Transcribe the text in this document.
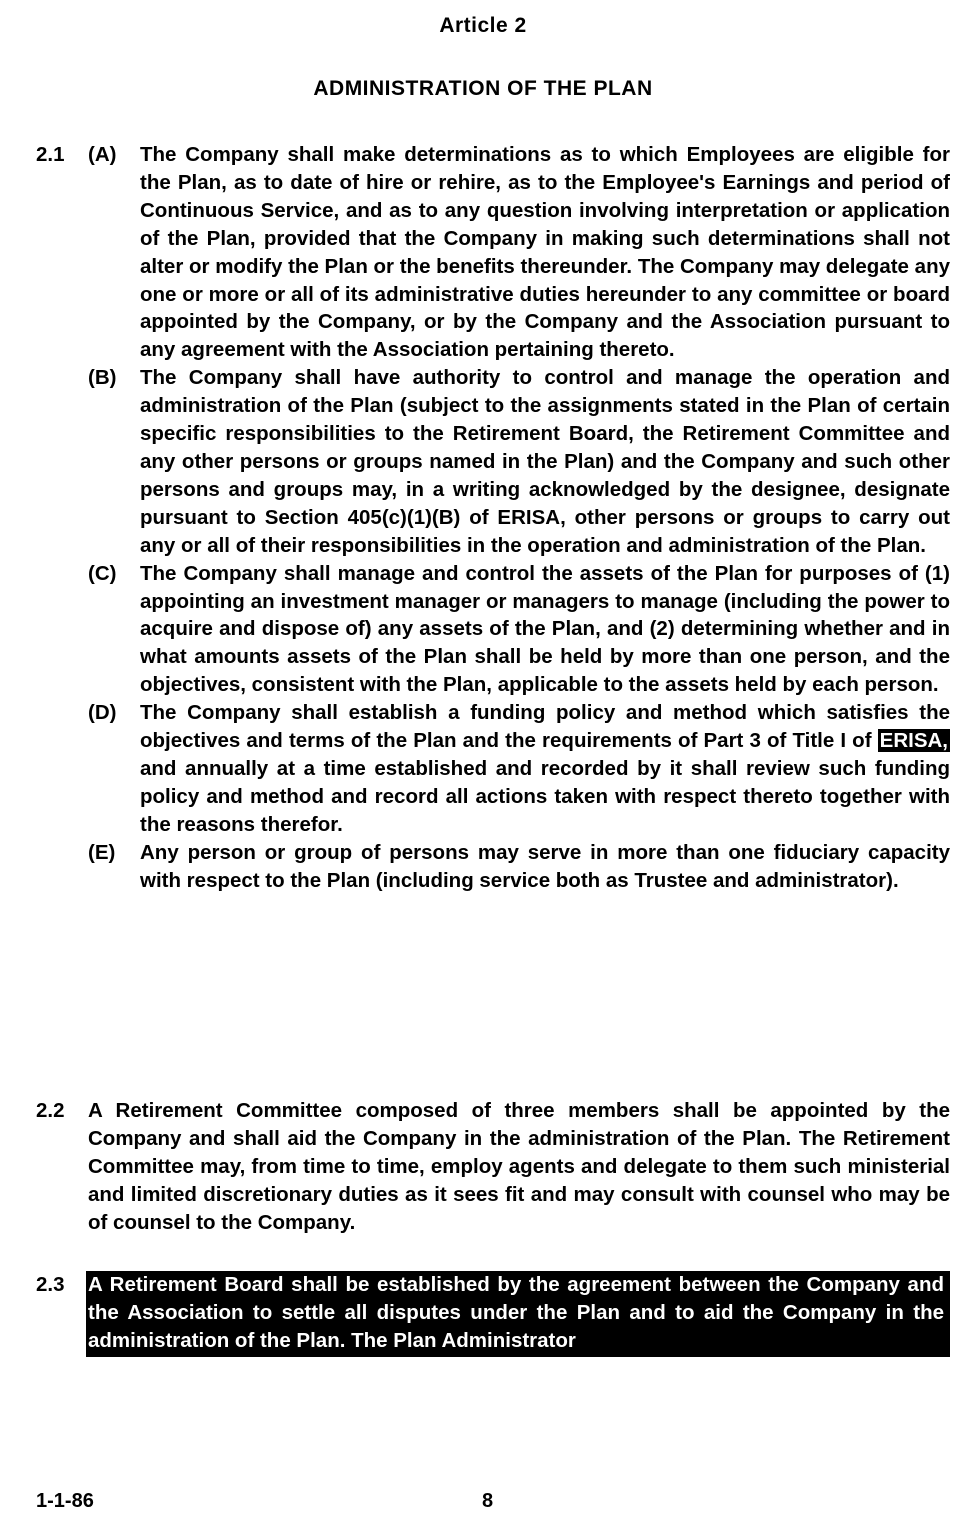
Article 2
ADMINISTRATION OF THE PLAN
2.1 (A) The Company shall make determinations as to which Employees are eligible for the Plan, as to date of hire or rehire, as to the Employee's Earnings and period of Continuous Service, and as to any question involving interpretation or application of the Plan, provided that the Company in making such determinations shall not alter or modify the Plan or the benefits thereunder. The Company may delegate any one or more or all of its administrative duties hereunder to any committee or board appointed by the Company, or by the Company and the Association pursuant to any agreement with the Association pertaining thereto.
(B) The Company shall have authority to control and manage the operation and administration of the Plan (subject to the assignments stated in the Plan of certain specific responsibilities to the Retirement Board, the Retirement Committee and any other persons or groups named in the Plan) and the Company and such other persons and groups may, in a writing acknowledged by the designee, designate pursuant to Section 405(c)(1)(B) of ERISA, other persons or groups to carry out any or all of their responsibilities in the operation and administration of the Plan.
(C) The Company shall manage and control the assets of the Plan for purposes of (1) appointing an investment manager or managers to manage (including the power to acquire and dispose of) any assets of the Plan, and (2) determining whether and in what amounts assets of the Plan shall be held by more than one person, and the objectives, consistent with the Plan, applicable to the assets held by each person.
(D) The Company shall establish a funding policy and method which satisfies the objectives and terms of the Plan and the requirements of Part 3 of Title I of ERISA, and annually at a time established and recorded by it shall review such funding policy and method and record all actions taken with respect thereto together with the reasons therefor.
(E) Any person or group of persons may serve in more than one fiduciary capacity with respect to the Plan (including service both as Trustee and administrator).
2.2 A Retirement Committee composed of three members shall be appointed by the Company and shall aid the Company in the administration of the Plan. The Retirement Committee may, from time to time, employ agents and delegate to them such ministerial and limited discretionary duties as it sees fit and may consult with counsel who may be of counsel to the Company.
2.3 A Retirement Board shall be established by the agreement between the Company and the Association to settle all disputes under the Plan and to aid the Company in the administration of the Plan. The Plan Administrator
1-1-86	8
